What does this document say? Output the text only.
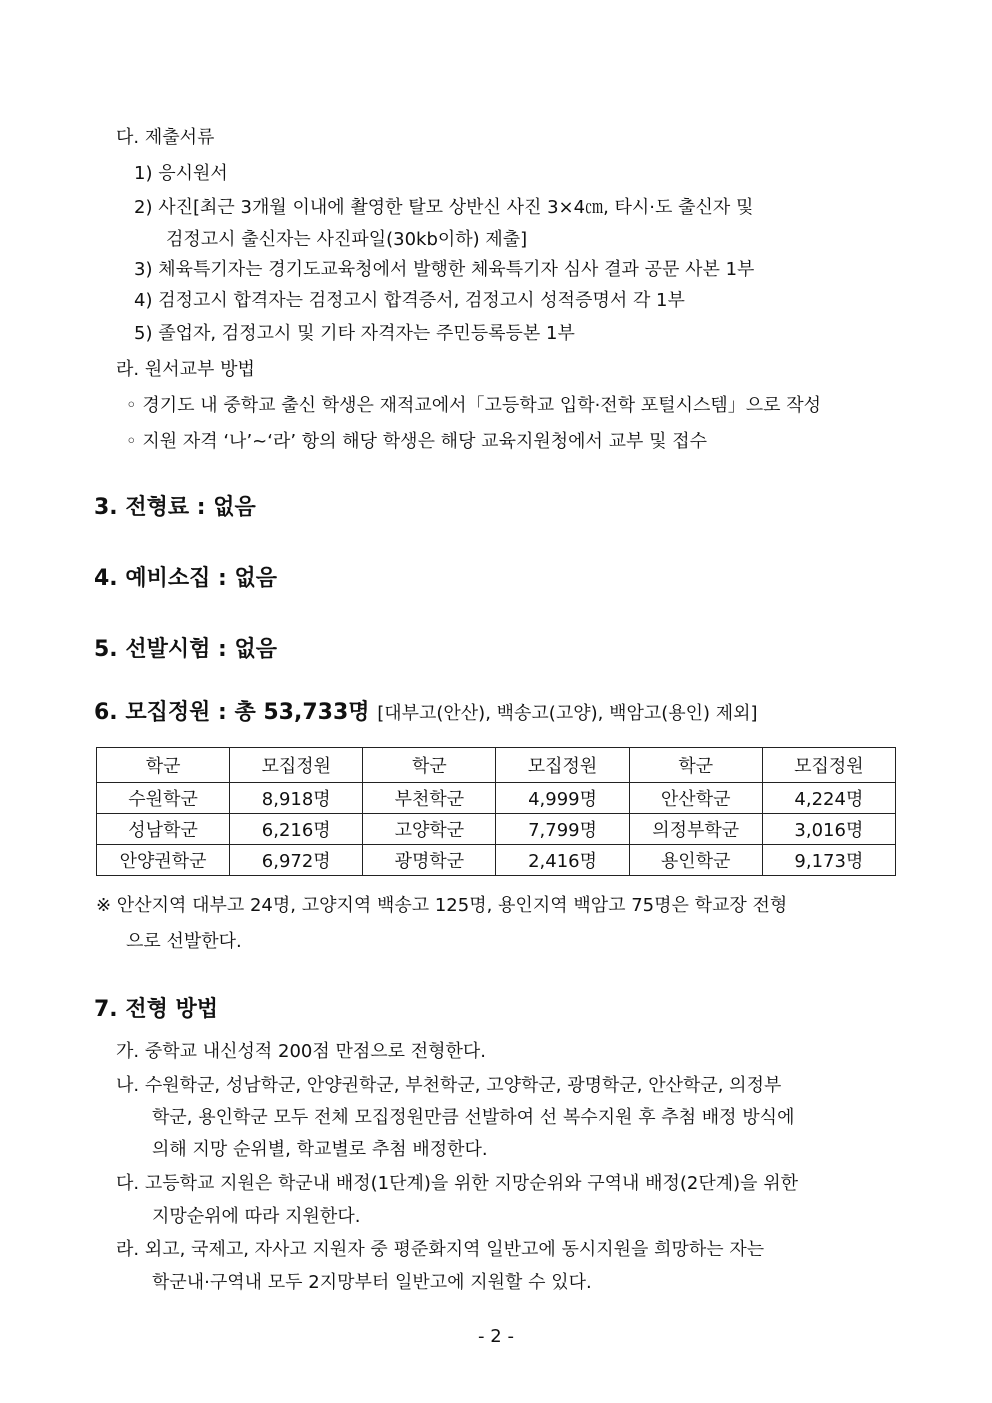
다. 제출서류
1) 응시원서
2) 사진[최근 3개월 이내에 촬영한 탈모 상반신 사진 3×4㎝, 타시·도 출신자 및
검정고시 출신자는 사진파일(30kb이하) 제출]
3) 체육특기자는 경기도교육청에서 발행한 체육특기자 심사 결과 공문 사본 1부
4) 검정고시 합격자는 검정고시 합격증서, 검정고시 성적증명서 각 1부
5) 졸업자, 검정고시 및 기타 자격자는 주민등록등본 1부
라. 원서교부 방법
◦ 경기도 내 중학교 출신 학생은 재적교에서「고등학교 입학·전학 포털시스템」으로 작성
◦ 지원 자격 ‘나’~‘라’ 항의 해당 학생은 해당 교육지원청에서 교부 및 접수
3. 전형료 : 없음
4. 예비소집 : 없음
5. 선발시험 : 없음
6. 모집정원 : 총 53,733명 [대부고(안산), 백송고(고양), 백암고(용인) 제외]
학군	모집정원	학군	모집정원	학군	모집정원
수원학군	8,918명	부천학군	4,999명	안산학군	4,224명
성남학군	6,216명	고양학군	7,799명	의정부학군	3,016명
안양권학군	6,972명	광명학군	2,416명	용인학군	9,173명
※ 안산지역 대부고 24명, 고양지역 백송고 125명, 용인지역 백암고 75명은 학교장 전형
으로 선발한다.
7. 전형 방법
가. 중학교 내신성적 200점 만점으로 전형한다.
나. 수원학군, 성남학군, 안양권학군, 부천학군, 고양학군, 광명학군, 안산학군, 의정부
학군, 용인학군 모두 전체 모집정원만큼 선발하여 선 복수지원 후 추첨 배정 방식에
의해 지망 순위별, 학교별로 추첨 배정한다.
다. 고등학교 지원은 학군내 배정(1단계)을 위한 지망순위와 구역내 배정(2단계)을 위한
지망순위에 따라 지원한다.
라. 외고, 국제고, 자사고 지원자 중 평준화지역 일반고에 동시지원을 희망하는 자는
학군내·구역내 모두 2지망부터 일반고에 지원할 수 있다.
- 2 -
